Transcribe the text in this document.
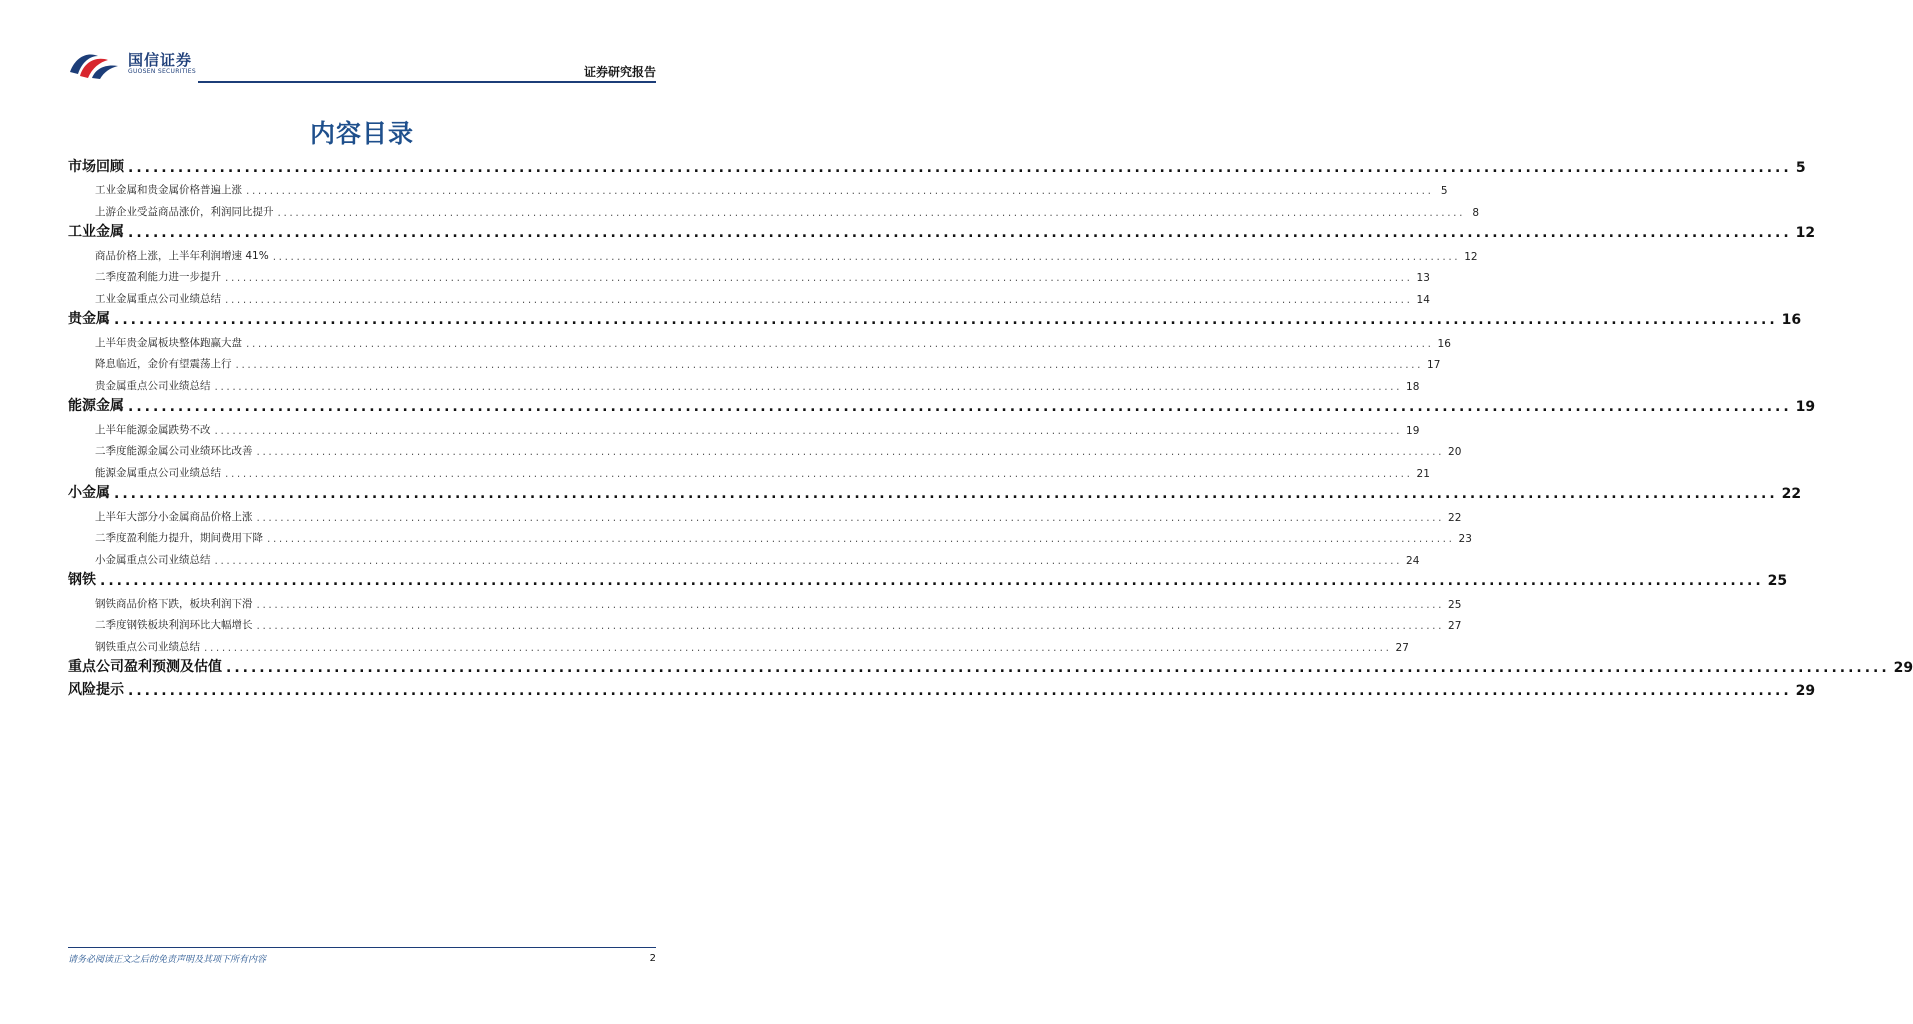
国信证券
GUOSEN SECURITIES	证券研究报告
内容目录
市场回顾 ........................................................................................................................................................................................................ 5
工业金属和贵金属价格普遍上涨 ........................................................................................................................................................................................................ 5
上游企业受益商品涨价，利润同比提升 ........................................................................................................................................................................................................ 8
工业金属 ........................................................................................................................................................................................................ 12
商品价格上涨，上半年利润增速 41% ........................................................................................................................................................................................................ 12
二季度盈利能力进一步提升 ........................................................................................................................................................................................................ 13
工业金属重点公司业绩总结 ........................................................................................................................................................................................................ 14
贵金属 ........................................................................................................................................................................................................ 16
上半年贵金属板块整体跑赢大盘 ........................................................................................................................................................................................................ 16
降息临近，金价有望震荡上行 ........................................................................................................................................................................................................ 17
贵金属重点公司业绩总结 ........................................................................................................................................................................................................ 18
能源金属 ........................................................................................................................................................................................................ 19
上半年能源金属跌势不改 ........................................................................................................................................................................................................ 19
二季度能源金属公司业绩环比改善 ........................................................................................................................................................................................................ 20
能源金属重点公司业绩总结 ........................................................................................................................................................................................................ 21
小金属 ........................................................................................................................................................................................................ 22
上半年大部分小金属商品价格上涨 ........................................................................................................................................................................................................ 22
二季度盈利能力提升，期间费用下降 ........................................................................................................................................................................................................ 23
小金属重点公司业绩总结 ........................................................................................................................................................................................................ 24
钢铁 ........................................................................................................................................................................................................ 25
钢铁商品价格下跌，板块利润下滑 ........................................................................................................................................................................................................ 25
二季度钢铁板块利润环比大幅增长 ........................................................................................................................................................................................................ 27
钢铁重点公司业绩总结 ........................................................................................................................................................................................................ 27
重点公司盈利预测及估值 ........................................................................................................................................................................................................ 29
风险提示 ........................................................................................................................................................................................................ 29
请务必阅读正文之后的免责声明及其项下所有内容	2
